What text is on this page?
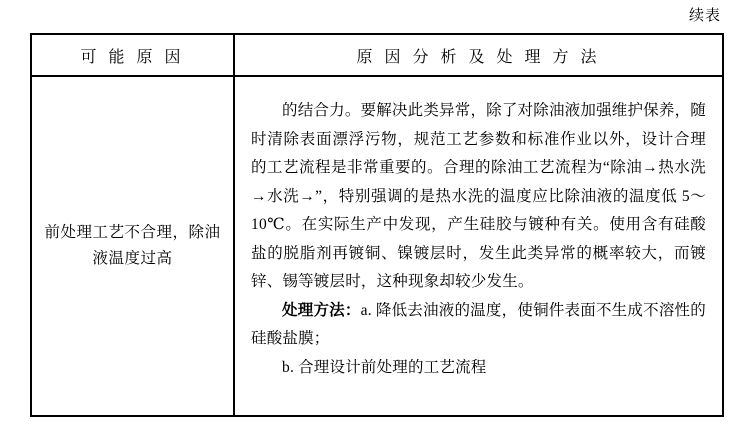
续表
可 能 原 因	原 因 分 析 及 处 理 方 法
前处理工艺不合理，除油液温度过高

的结合力。要解决此类异常，除了对除油液加强维护保养，随时清除表面漂浮污物，规范工艺参数和标准作业以外，设计合理的工艺流程是非常重要的。合理的除油工艺流程为“除油→热水洗→水洗→”，特别强调的是热水洗的温度应比除油液的温度低 5～10℃。在实际生产中发现，产生硅胶与镀种有关。使用含有硅酸盐的脱脂剂再镀铜、镍镀层时，发生此类异常的概率较大，而镀锌、锡等镀层时，这种现象却较少发生。

处理方法：a. 降低去油液的温度，使铜件表面不生成不溶性的硅酸盐膜；

b. 合理设计前处理的工艺流程
